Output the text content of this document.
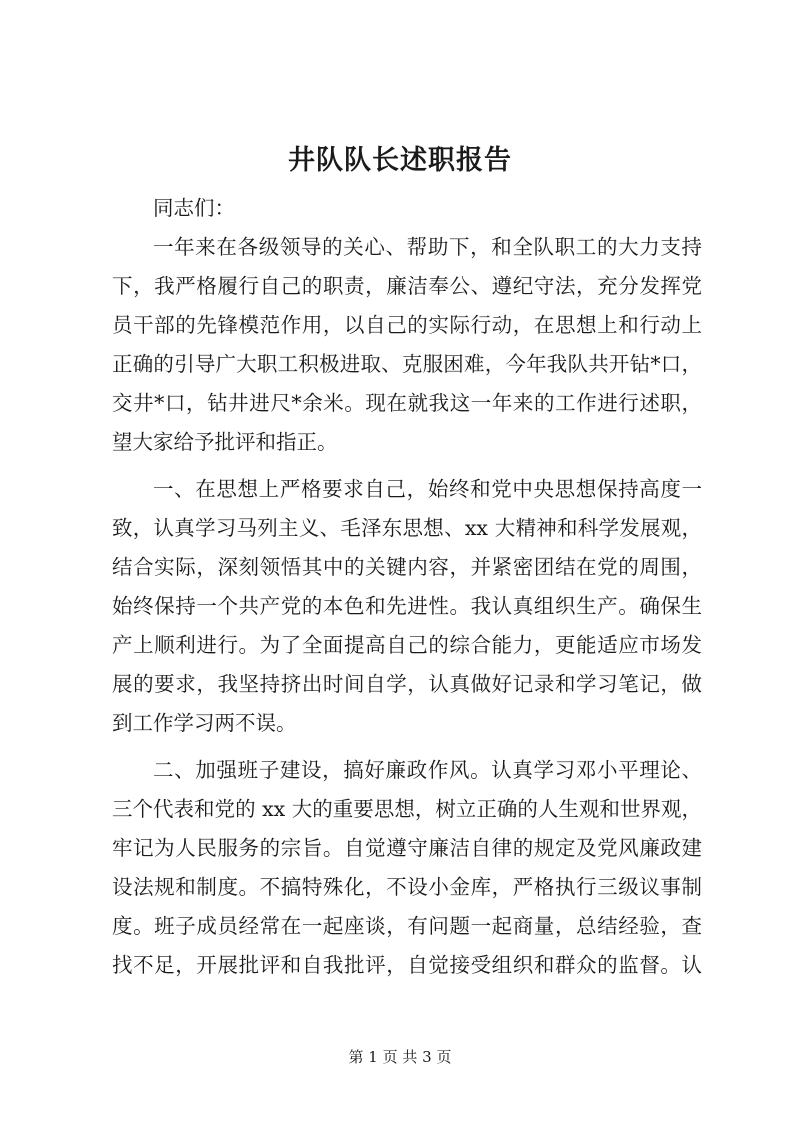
井队队长述职报告
同志们：
一年来在各级领导的关心、帮助下，和全队职工的大力支持
下，我严格履行自己的职责，廉洁奉公、遵纪守法，充分发挥党
员干部的先锋模范作用，以自己的实际行动，在思想上和行动上
正确的引导广大职工积极进取、克服困难，今年我队共开钻*口，
交井*口，钻井进尺*余米。现在就我这一年来的工作进行述职，
望大家给予批评和指正。
一、在思想上严格要求自己，始终和党中央思想保持高度一
致，认真学习马列主义、毛泽东思想、xx 大精神和科学发展观，
结合实际，深刻领悟其中的关键内容，并紧密团结在党的周围，
始终保持一个共产党的本色和先进性。我认真组织生产。确保生
产上顺利进行。为了全面提高自己的综合能力，更能适应市场发
展的要求，我坚持挤出时间自学，认真做好记录和学习笔记，做
到工作学习两不误。
二、加强班子建设，搞好廉政作风。认真学习邓小平理论、
三个代表和党的 xx 大的重要思想，树立正确的人生观和世界观，
牢记为人民服务的宗旨。自觉遵守廉洁自律的规定及党风廉政建
设法规和制度。不搞特殊化，不设小金库，严格执行三级议事制
度。班子成员经常在一起座谈，有问题一起商量，总结经验，查
找不足，开展批评和自我批评，自觉接受组织和群众的监督。认
第 1 页 共 3 页
